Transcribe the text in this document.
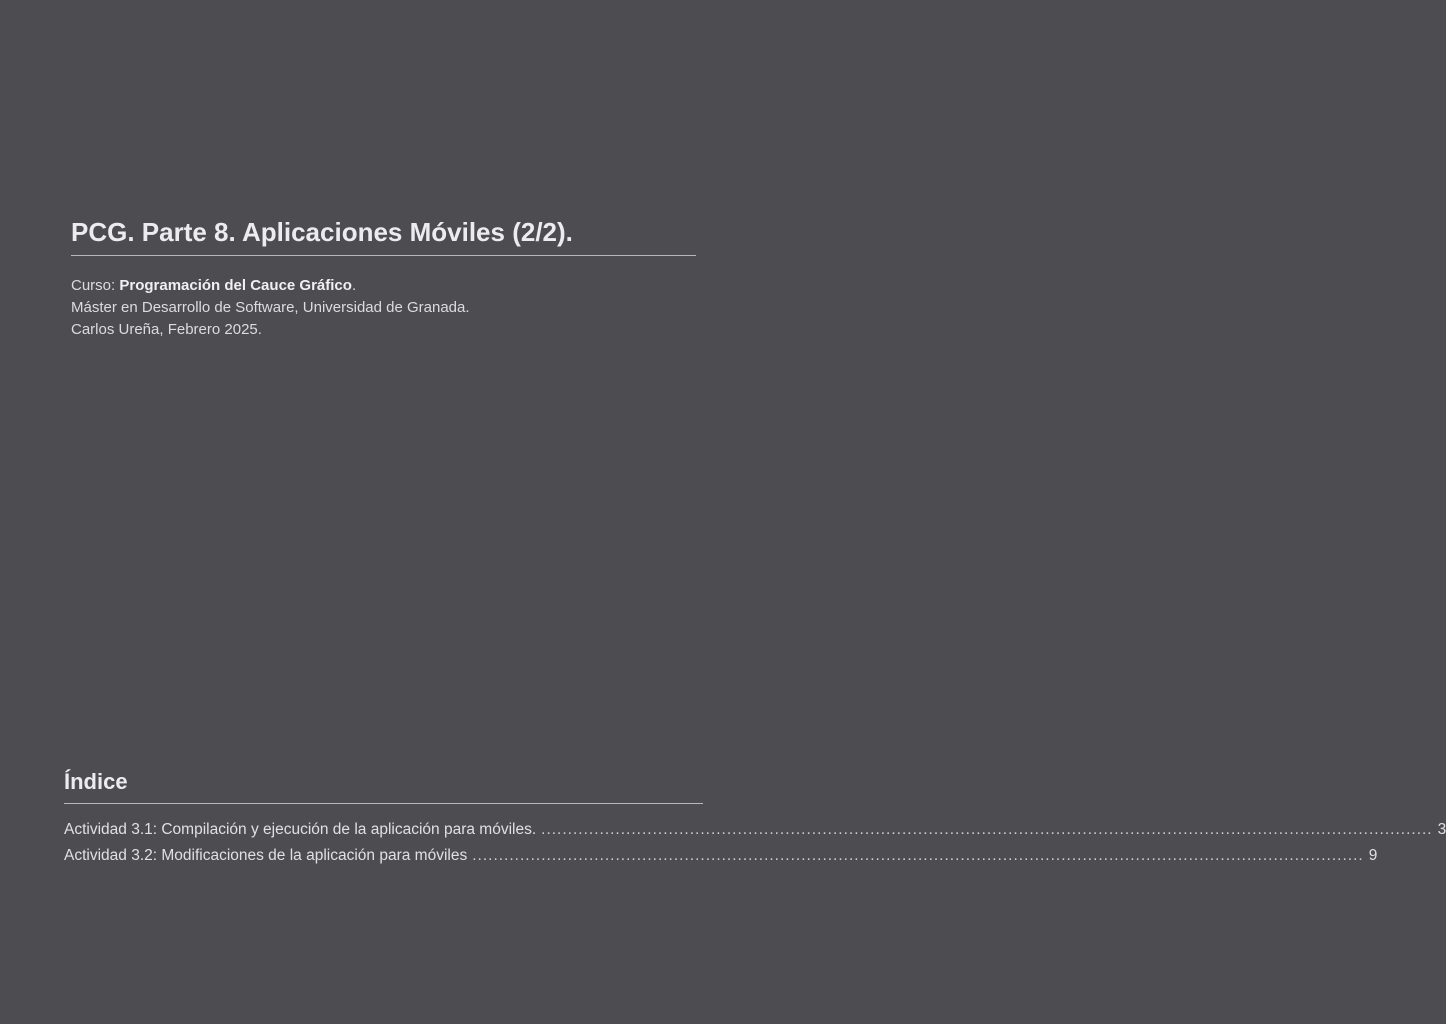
PCG. Parte 8. Aplicaciones Móviles (2/2).
Curso: Programación del Cauce Gráfico.
Máster en Desarrollo de Software, Universidad de Granada.
Carlos Ureña, Febrero 2025.
Índice
Actividad 3.1: Compilación y ejecución de la aplicación para móviles. ........................................................................................................................................................................ 3
Actividad 3.2: Modificaciones de la aplicación para móviles ........................................................................................................................................................................ 9
